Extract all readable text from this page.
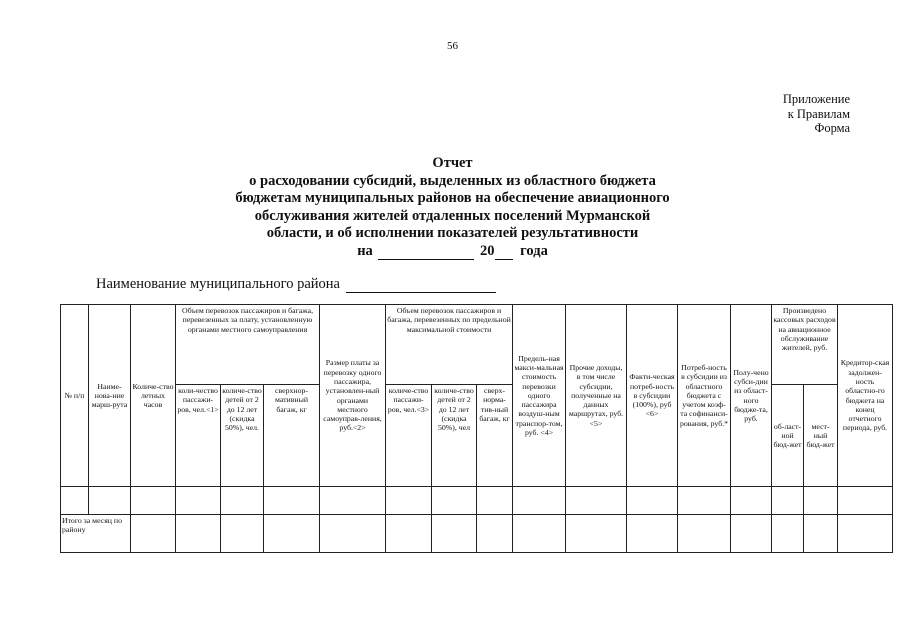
56
Приложение
к Правилам
Форма
Отчет
о расходовании субсидий, выделенных из областного бюджета
бюджетам муниципальных районов на обеспечение авиационного
обслуживания жителей отдаленных поселений Мурманской
области, и об исполнении показателей результативности
на	20 года
Наименование муниципального района
№ п/п	Наиме-нова-ние марш-рута	Количе-ство летных часов	Объем перевозок пассажиров и багажа, перевезенных за плату, установленную органами местного самоуправления			Размер платы за перевозку одного пассажира, установлен-ный органами местного самоуправ-ления, руб.<2>	Объем перевозок пассажиров и багажа, перевезенных по предельной максимальной стоимости			Предель-ная макси-мальная стоимость перевозки одного пассажира воздуш-ным транспор-том, руб. <4>	Прочие доходы, в том числе субсидии, полученные на данных маршрутах, руб. <5>	Факти-ческая потреб-ность в субсидии (100%), руб <6>	Потреб-ность в субсидии из областного бюджета с учетом коэф-та софинанси-рования, руб.*	Полу-чено субси-дии из област-ного бюдже-та, руб.	Произведено кассовых расходов на авиационное обслуживание жителей, руб.		Кредитор-ская задолжен-ность областно-го бюджета на конец отчетного периода, руб.
			коли-чество пассажи-ров, чел.<1>	количе-ство детей от 2 до 12 лет (скидка 50%), чел.	сверхнор-мативный багаж, кг		количе-ство пассажи-ров, чел.<3>	количе-ство детей от 2 до 12 лет (скидка 50%), чел	сверх-норма-тив-ный багаж, кг						об-ласт-ной бюд-жет	мест-ный бюд-жет	

Итого за месяц по району																	
